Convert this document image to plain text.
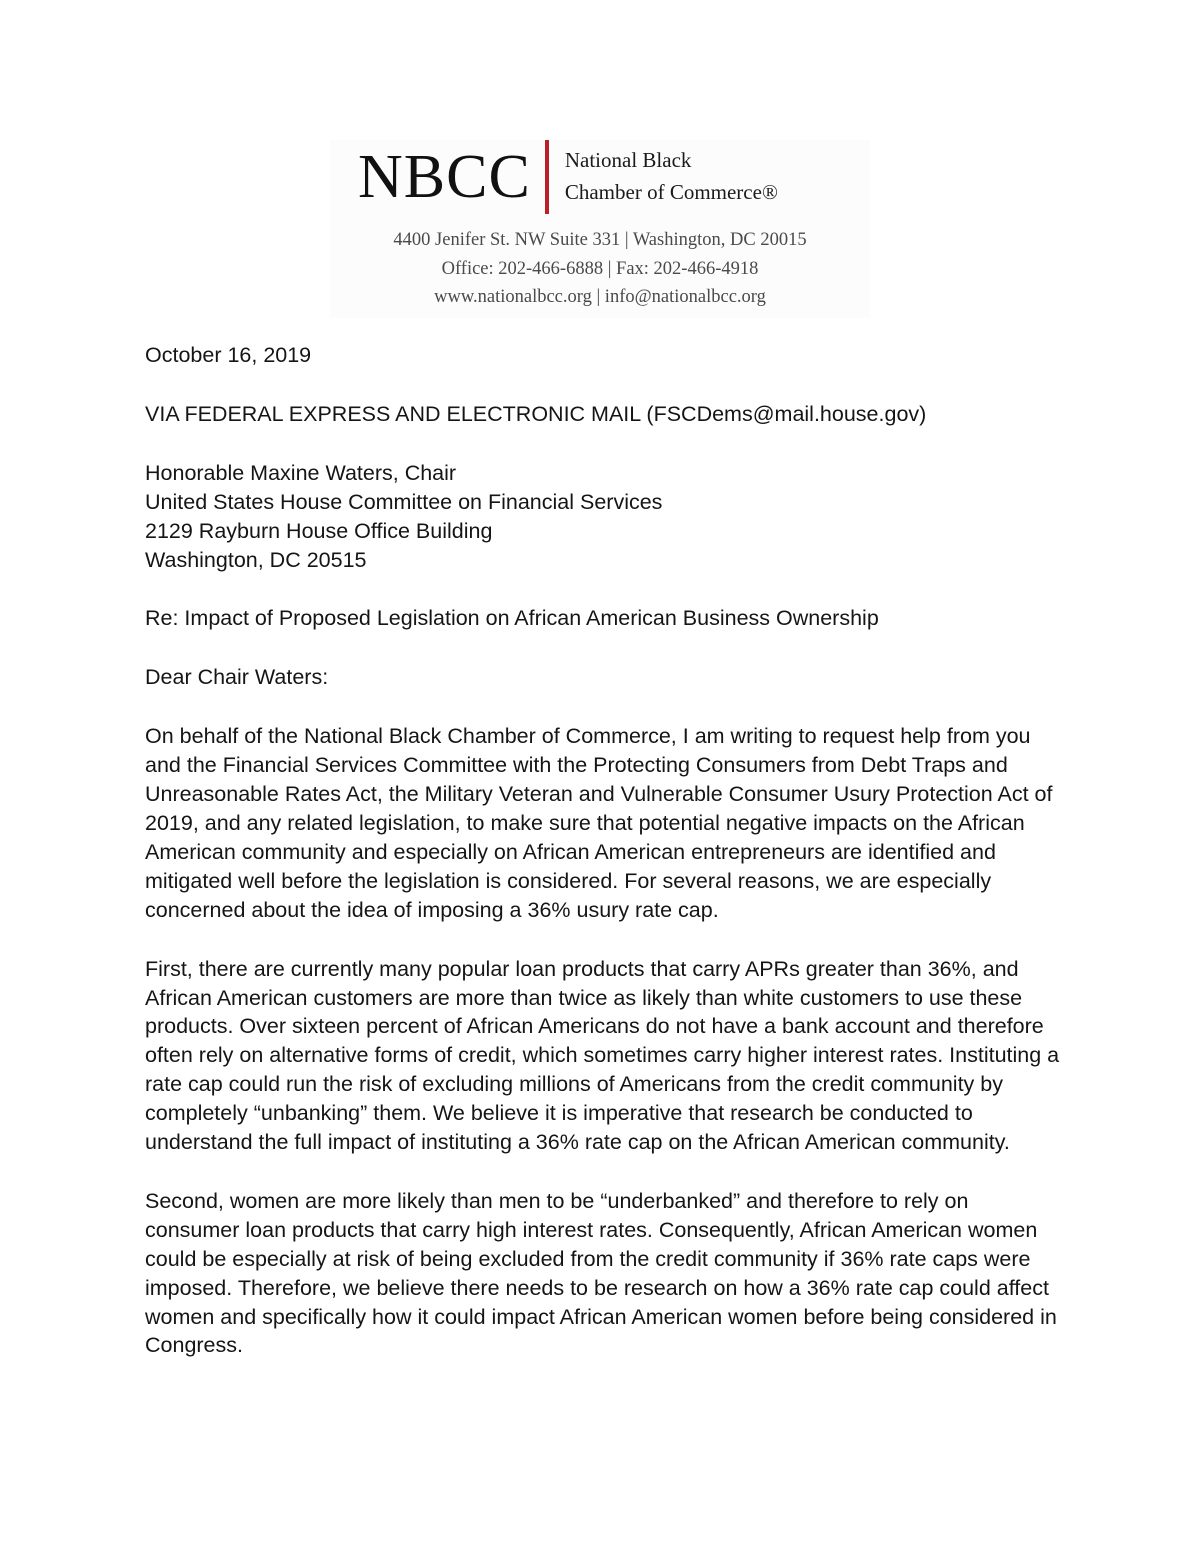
NBCC National Black
Chamber of Commerce®
4400 Jenifer St. NW Suite 331 | Washington, DC 20015
Office: 202-466-6888 | Fax: 202-466-4918
www.nationalbcc.org | info@nationalbcc.org
October 16, 2019
VIA FEDERAL EXPRESS AND ELECTRONIC MAIL (FSCDems@mail.house.gov)
Honorable Maxine Waters, Chair
United States House Committee on Financial Services
2129 Rayburn House Office Building
Washington, DC 20515
Re: Impact of Proposed Legislation on African American Business Ownership
Dear Chair Waters:

On behalf of the National Black Chamber of Commerce, I am writing to request help from you and the Financial Services Committee with the Protecting Consumers from Debt Traps and Unreasonable Rates Act, the Military Veteran and Vulnerable Consumer Usury Protection Act of 2019, and any related legislation, to make sure that potential negative impacts on the African American community and especially on African American entrepreneurs are identified and mitigated well before the legislation is considered. For several reasons, we are especially concerned about the idea of imposing a 36% usury rate cap.

First, there are currently many popular loan products that carry APRs greater than 36%, and African American customers are more than twice as likely than white customers to use these products. Over sixteen percent of African Americans do not have a bank account and therefore often rely on alternative forms of credit, which sometimes carry higher interest rates. Instituting a rate cap could run the risk of excluding millions of Americans from the credit community by completely “unbanking” them. We believe it is imperative that research be conducted to understand the full impact of instituting a 36% rate cap on the African American community.

Second, women are more likely than men to be “underbanked” and therefore to rely on consumer loan products that carry high interest rates. Consequently, African American women could be especially at risk of being excluded from the credit community if 36% rate caps were imposed. Therefore, we believe there needs to be research on how a 36% rate cap could affect women and specifically how it could impact African American women before being considered in Congress.
